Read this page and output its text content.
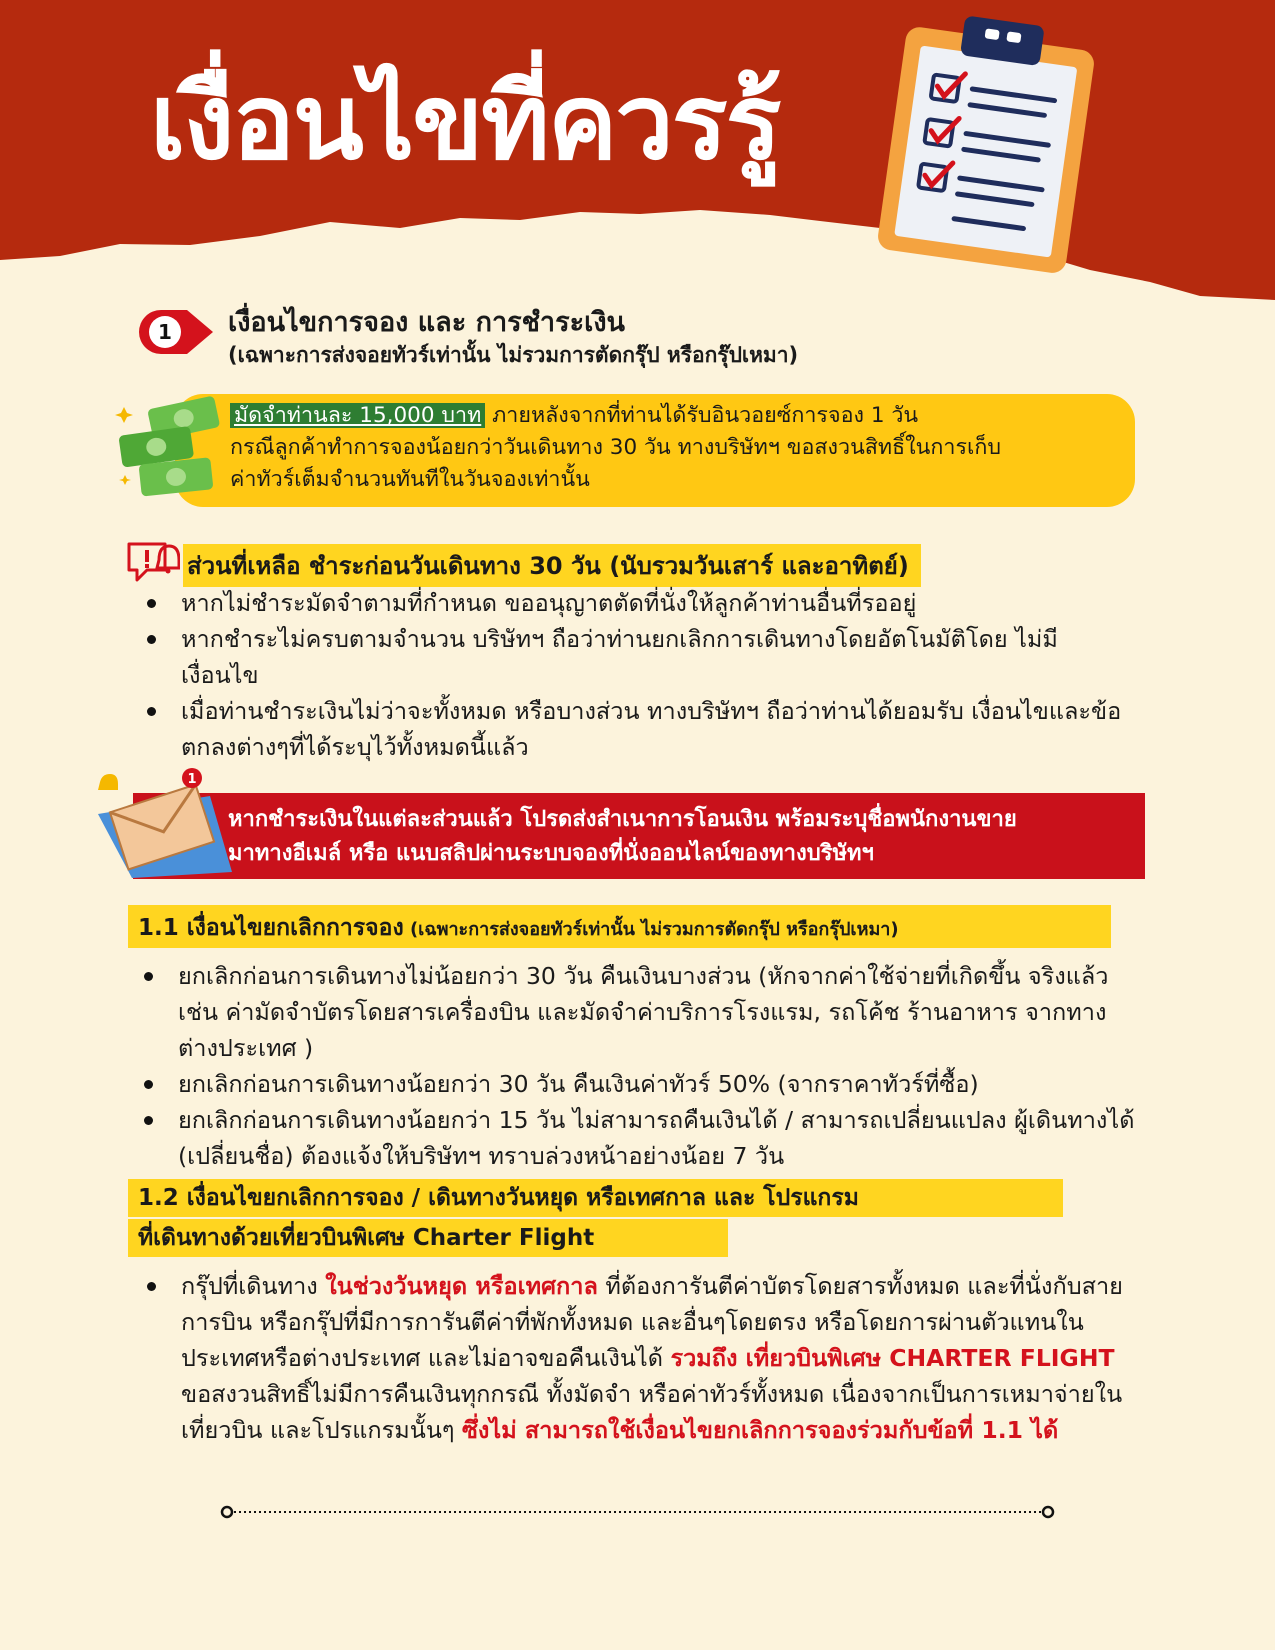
เงื่อนไขที่ควรรู้
1 เงื่อนไขการจอง และ การชำระเงิน
(เฉพาะการส่งจอยทัวร์เท่านั้น ไม่รวมการตัดกรุ๊ป หรือกรุ๊ปเหมา)
มัดจำท่านละ 15,000 บาท ภายหลังจากที่ท่านได้รับอินวอยซ์การจอง 1 วัน
กรณีลูกค้าทำการจองน้อยกว่าวันเดินทาง 30 วัน ทางบริษัทฯ ขอสงวนสิทธิ์ในการเก็บ
ค่าทัวร์เต็มจำนวนทันทีในวันจองเท่านั้น
ส่วนที่เหลือ ชำระก่อนวันเดินทาง 30 วัน (นับรวมวันเสาร์ และอาทิตย์)
หากไม่ชำระมัดจำตามที่กำหนด ขออนุญาตตัดที่นั่งให้ลูกค้าท่านอื่นที่รออยู่
หากชำระไม่ครบตามจำนวน บริษัทฯ ถือว่าท่านยกเลิกการเดินทางโดยอัตโนมัติโดย ไม่มีเงื่อนไข
เมื่อท่านชำระเงินไม่ว่าจะทั้งหมด หรือบางส่วน ทางบริษัทฯ ถือว่าท่านได้ยอมรับ เงื่อนไขและข้อตกลงต่างๆที่ได้ระบุไว้ทั้งหมดนี้แล้ว
1
หากชำระเงินในแต่ละส่วนแล้ว โปรดส่งสำเนาการโอนเงิน พร้อมระบุชื่อพนักงานขาย
มาทางอีเมล์ หรือ แนบสลิปผ่านระบบจองที่นั่งออนไลน์ของทางบริษัทฯ
1.1 เงื่อนไขยกเลิกการจอง (เฉพาะการส่งจอยทัวร์เท่านั้น ไม่รวมการตัดกรุ๊ป หรือกรุ๊ปเหมา)
ยกเลิกก่อนการเดินทางไม่น้อยกว่า 30 วัน คืนเงินบางส่วน (หักจากค่าใช้จ่ายที่เกิดขึ้น จริงแล้ว เช่น ค่ามัดจำบัตรโดยสารเครื่องบิน และมัดจำค่าบริการโรงแรม, รถโค้ช ร้านอาหาร จากทางต่างประเทศ )
ยกเลิกก่อนการเดินทางน้อยกว่า 30 วัน คืนเงินค่าทัวร์ 50% (จากราคาทัวร์ที่ซื้อ)
ยกเลิกก่อนการเดินทางน้อยกว่า 15 วัน ไม่สามารถคืนเงินได้ / สามารถเปลี่ยนแปลง ผู้เดินทางได้ (เปลี่ยนชื่อ) ต้องแจ้งให้บริษัทฯ ทราบล่วงหน้าอย่างน้อย 7 วัน
1.2 เงื่อนไขยกเลิกการจอง / เดินทางวันหยุด หรือเทศกาล และ โปรแกรม
ที่เดินทางด้วยเที่ยวบินพิเศษ Charter Flight
กรุ๊ปที่เดินทาง ในช่วงวันหยุด หรือเทศกาล ที่ต้องการันตีค่าบัตรโดยสารทั้งหมด และที่นั่งกับสายการบิน หรือกรุ๊ปที่มีการการันตีค่าที่พักทั้งหมด และอื่นๆโดยตรง หรือโดยการผ่านตัวแทนในประเทศหรือต่างประเทศ และไม่อาจขอคืนเงินได้ รวมถึง เที่ยวบินพิเศษ CHARTER FLIGHT ขอสงวนสิทธิ์ไม่มีการคืนเงินทุกกรณี ทั้งมัดจำ หรือค่าทัวร์ทั้งหมด เนื่องจากเป็นการเหมาจ่ายในเที่ยวบิน และโปรแกรมนั้นๆ ซึ่งไม่ สามารถใช้เงื่อนไขยกเลิกการจองร่วมกับข้อที่ 1.1 ได้
